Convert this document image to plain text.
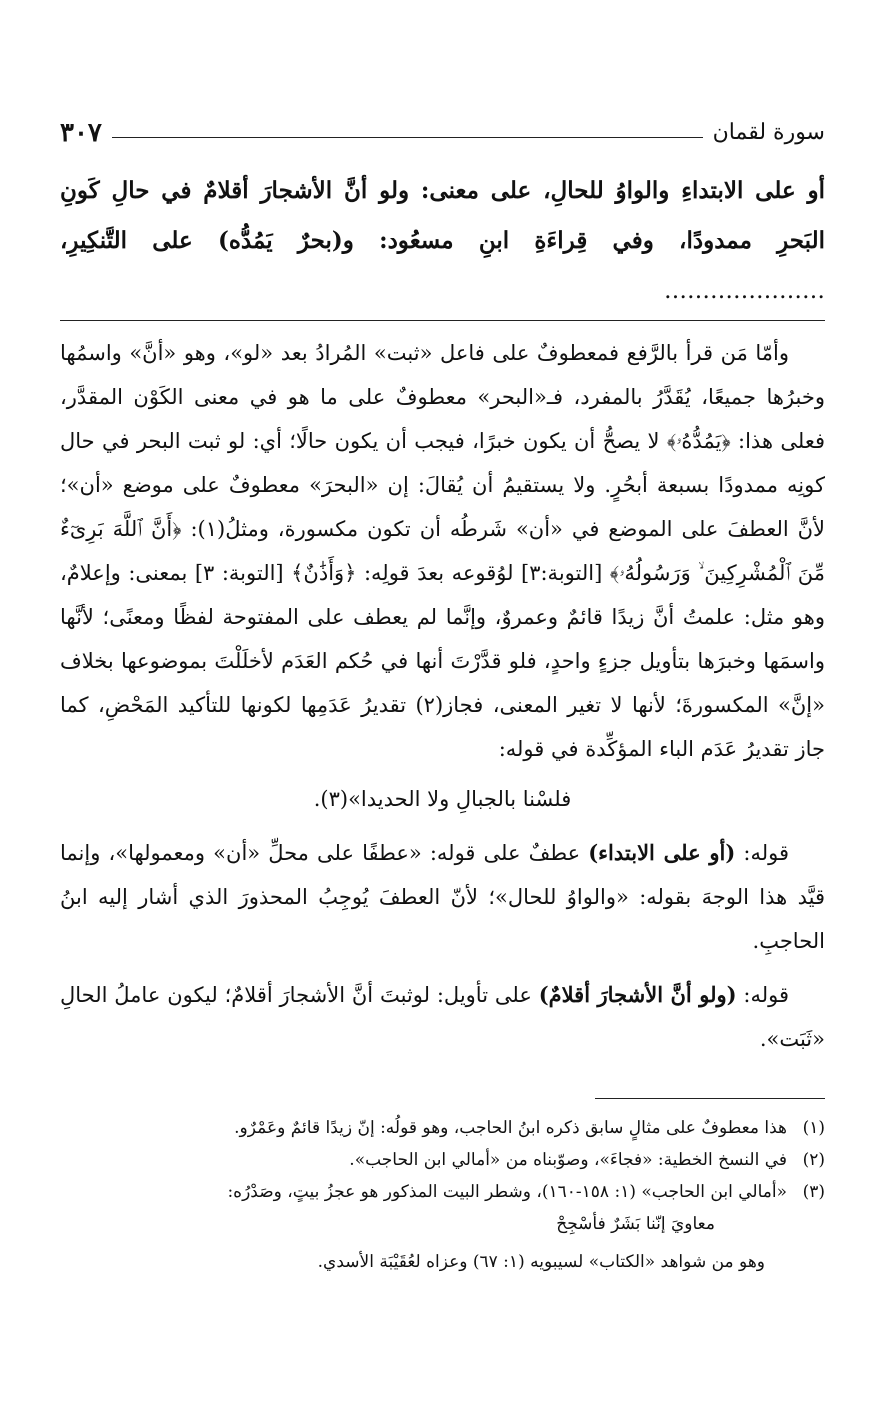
سورة لقمان
٣٠٧
أو على الابتداءِ والواوُ للحالِ، على معنى: ولو أنَّ الأشجارَ أقلامٌ في حالِ كَونِ البَحرِ ممدودًا، وفي قِراءَةِ ابنِ مسعُود: و(بحرٌ يَمُدُّه) على التَّنكِيرِ، …………………

وأمّا مَن قرأ بالرَّفع فمعطوفٌ على فاعل «ثبت» المُرادُ بعد «لو»، وهو «أنَّ» واسمُها وخبرُها جميعًا، يُقَدَّرُ بالمفرد، فـ«البحر» معطوفٌ على ما هو في معنى الكَوْن المقدَّر، فعلى هذا: ﴿يَمُدُّهُۥ﴾ لا يصحُّ أن يكون خبرًا، فيجب أن يكون حالًا؛ أي: لو ثبت البحر في حال كونِه ممدودًا بسبعة أبحُرٍ. ولا يستقيمُ أن يُقالَ: إن «البحرَ» معطوفٌ على موضع «أن»؛ لأنَّ العطفَ على الموضع في «أن» شَرطُه أن تكون مكسورة، ومثلُ(١): ﴿أَنَّ ٱللَّهَ بَرِىٓءٌ مِّنَ ٱلْمُشْرِكِينَ ۙ وَرَسُولُهُۥ﴾ [التوبة:٣] لوُقوعه بعدَ قولِه: ﴿وَأَذَٰنٌ﴾ [التوبة: ٣] بمعنى: وإعلامٌ، وهو مثل: علمتُ أنَّ زيدًا قائمٌ وعمروٌ، وإنَّما لم يعطف على المفتوحة لفظًا ومعنًى؛ لأنَّها واسمَها وخبرَها بتأويل جزءٍ واحدٍ، فلو قدَّرْتَ أنها في حُكم العَدَم لأخلَلْتَ بموضوعها بخلاف «إنَّ» المكسورةَ؛ لأنها لا تغير المعنى، فجاز(٢) تقديرُ عَدَمِها لكونها للتأكيد المَحْضِ، كما جاز تقديرُ عَدَم الباء المؤكِّدة في قوله:

فلسْنا بالجبالِ ولا الحديدا»(٣).

قوله: (أو على الابتداء) عطفٌ على قوله: «عطفًا على محلِّ «أن» ومعمولها»، وإنما قيَّد هذا الوجهَ بقوله: «والواوُ للحال»؛ لأنّ العطفَ يُوجِبُ المحذورَ الذي أشار إليه ابنُ الحاجبِ.

قوله: (ولو أنَّ الأشجارَ أقلامٌ) على تأويل: لوثبتَ أنَّ الأشجارَ أقلامٌ؛ ليكون عاملُ الحالِ «ثَبَت».

(١)
هذا معطوفٌ على مثالٍ سابق ذكره ابنُ الحاجب، وهو قولُه: إنّ زيدًا قائمٌ وعَمْرٌو.
(٢)
في النسخ الخطية: «فجاءَ»، وصوّبناه من «أمالي ابن الحاجب».
(٣)
«أمالي ابن الحاجب» (١: ١٥٨-١٦٠)، وشطر البيت المذكور هو عجزُ بيتٍ، وصَدْرُه:
معاويَ إنّنا بَشَرٌ فأسْجِحْ
وهو من شواهد «الكتاب» لسيبويه (١: ٦٧) وعزاه لعُقَيْبَة الأسدي.
